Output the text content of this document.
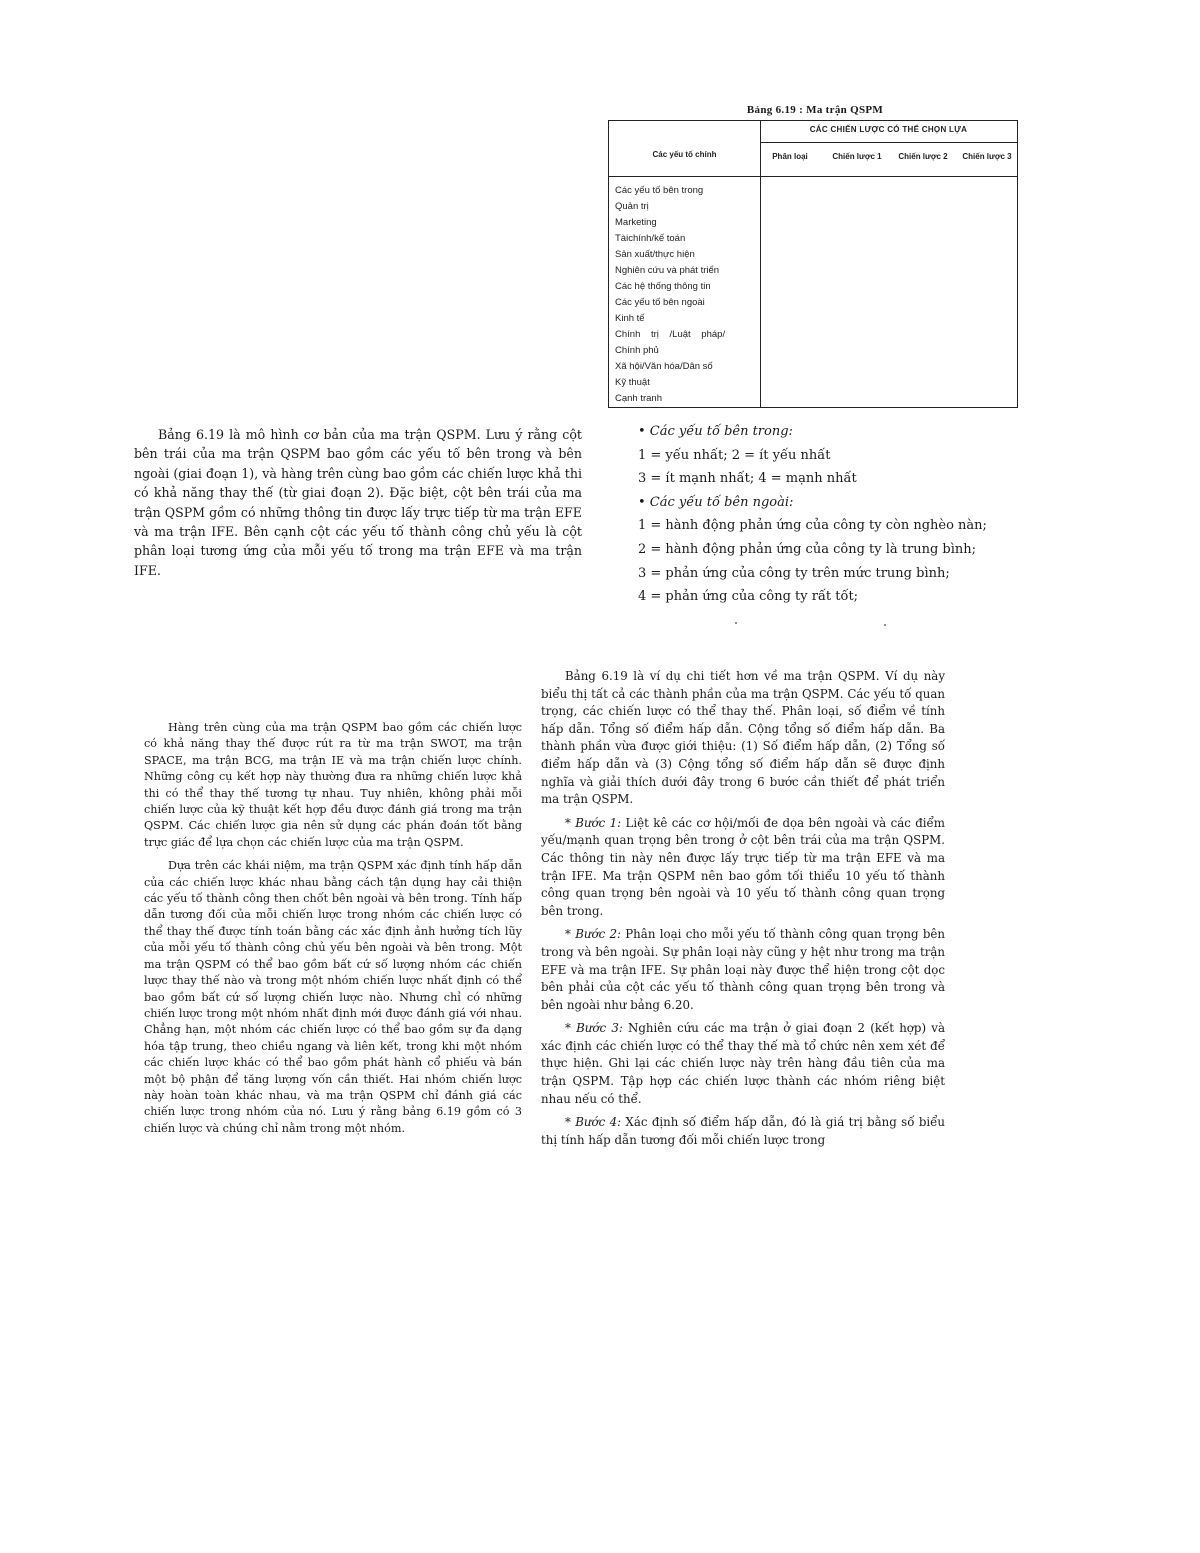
Bảng 6.19 : Ma trận QSPM
CÁC CHIẾN LƯỢC CÓ THỂ CHỌN LỰA
Các yếu tố chính	Phân loại	Chiến lược 1 Chiến lược 2 Chiến lược 3
Các yếu tố bên trong
Quản trị
Marketing
Tàichính/kế toán
Sản xuất/thực hiện
Nghiên cứu và phát triển
Các hệ thống thông tin
Các yếu tố bên ngoài
Kinh tế
Chính trị /Luật pháp/
Chính phủ
Xã hội/Văn hóa/Dân số
Kỹ thuật
Cạnh tranh

Bảng 6.19 là mô hình cơ bản của ma trận QSPM. Lưu ý rằng cột bên trái của ma trận QSPM bao gồm các yếu tố bên trong và bên ngoài (giai đoạn 1), và hàng trên cùng bao gồm các chiến lược khả thi có khả năng thay thế (từ giai đoạn 2). Đặc biệt, cột bên trái của ma trận QSPM gồm có những thông tin được lấy trực tiếp từ ma trận EFE và ma trận IFE. Bên cạnh cột các yếu tố thành công chủ yếu là cột phân loại tương ứng của mỗi yếu tố trong ma trận EFE và ma trận IFE.

• Các yếu tố bên trong:
1 = yếu nhất; 2 = ít yếu nhất
3 = ít mạnh nhất; 4 = mạnh nhất
• Các yếu tố bên ngoài:
1 = hành động phản ứng của công ty còn nghèo nàn;
2 = hành động phản ứng của công ty là trung bình;
3 = phản ứng của công ty trên mức trung bình;
4 = phản ứng của công ty rất tốt;

Hàng trên cùng của ma trận QSPM bao gồm các chiến lược có khả năng thay thế được rút ra từ ma trận SWOT, ma trận SPACE, ma trận BCG, ma trận IE và ma trận chiến lược chính. Những công cụ kết hợp này thường đưa ra những chiến lược khả thi có thể thay thế tương tự nhau. Tuy nhiên, không phải mỗi chiến lược của kỹ thuật kết hợp đều được đánh giá trong ma trận QSPM. Các chiến lược gia nên sử dụng các phán đoán tốt bằng trực giác để lựa chọn các chiến lược của ma trận QSPM.

Dựa trên các khái niệm, ma trận QSPM xác định tính hấp dẫn của các chiến lược khác nhau bằng cách tận dụng hay cải thiện các yếu tố thành công then chốt bên ngoài và bên trong. Tính hấp dẫn tương đối của mỗi chiến lược trong nhóm các chiến lược có thể thay thế được tính toán bằng các xác định ảnh hưởng tích lũy của mỗi yếu tố thành công chủ yếu bên ngoài và bên trong. Một ma trận QSPM có thể bao gồm bất cứ số lượng nhóm các chiến lược thay thế nào và trong một nhóm chiến lược nhất định có thể bao gồm bất cứ số lượng chiến lược nào. Nhưng chỉ có những chiến lược trong một nhóm nhất định mới được đánh giá với nhau. Chẳng hạn, một nhóm các chiến lược có thể bao gồm sự đa dạng hóa tập trung, theo chiều ngang và liên kết, trong khi một nhóm các chiến lược khác có thể bao gồm phát hành cổ phiếu và bán một bộ phận để tăng lượng vốn cần thiết. Hai nhóm chiến lược này hoàn toàn khác nhau, và ma trận QSPM chỉ đánh giá các chiến lược trong nhóm của nó. Lưu ý rằng bảng 6.19 gồm có 3 chiến lược và chúng chỉ nằm trong một nhóm.

Bảng 6.19 là ví dụ chi tiết hơn về ma trận QSPM. Ví dụ này biểu thị tất cả các thành phần của ma trận QSPM. Các yếu tố quan trọng, các chiến lược có thể thay thế. Phân loại, số điểm về tính hấp dẫn. Tổng số điểm hấp dẫn. Cộng tổng số điểm hấp dẫn. Ba thành phần vừa được giới thiệu: (1) Số điểm hấp dẫn, (2) Tổng số điểm hấp dẫn và (3) Cộng tổng số điểm hấp dẫn sẽ được định nghĩa và giải thích dưới đây trong 6 bước cần thiết để phát triển ma trận QSPM.

* Bước 1: Liệt kê các cơ hội/mối đe dọa bên ngoài và các điểm yếu/mạnh quan trọng bên trong ở cột bên trái của ma trận QSPM. Các thông tin này nên được lấy trực tiếp từ ma trận EFE và ma trận IFE. Ma trận QSPM nên bao gồm tối thiểu 10 yếu tố thành công quan trọng bên ngoài và 10 yếu tố thành công quan trọng bên trong.

* Bước 2: Phân loại cho mỗi yếu tố thành công quan trọng bên trong và bên ngoài. Sự phân loại này cũng y hệt như trong ma trận EFE và ma trận IFE. Sự phân loại này được thể hiện trong cột dọc bên phải của cột các yếu tố thành công quan trọng bên trong và bên ngoài như bảng 6.20.

* Bước 3: Nghiên cứu các ma trận ở giai đoạn 2 (kết hợp) và xác định các chiến lược có thể thay thế mà tổ chức nên xem xét để thực hiện. Ghi lại các chiến lược này trên hàng đầu tiên của ma trận QSPM. Tập hợp các chiến lược thành các nhóm riêng biệt nhau nếu có thể.

* Bước 4: Xác định số điểm hấp dẫn, đó là giá trị bằng số biểu thị tính hấp dẫn tương đối mỗi chiến lược trong
